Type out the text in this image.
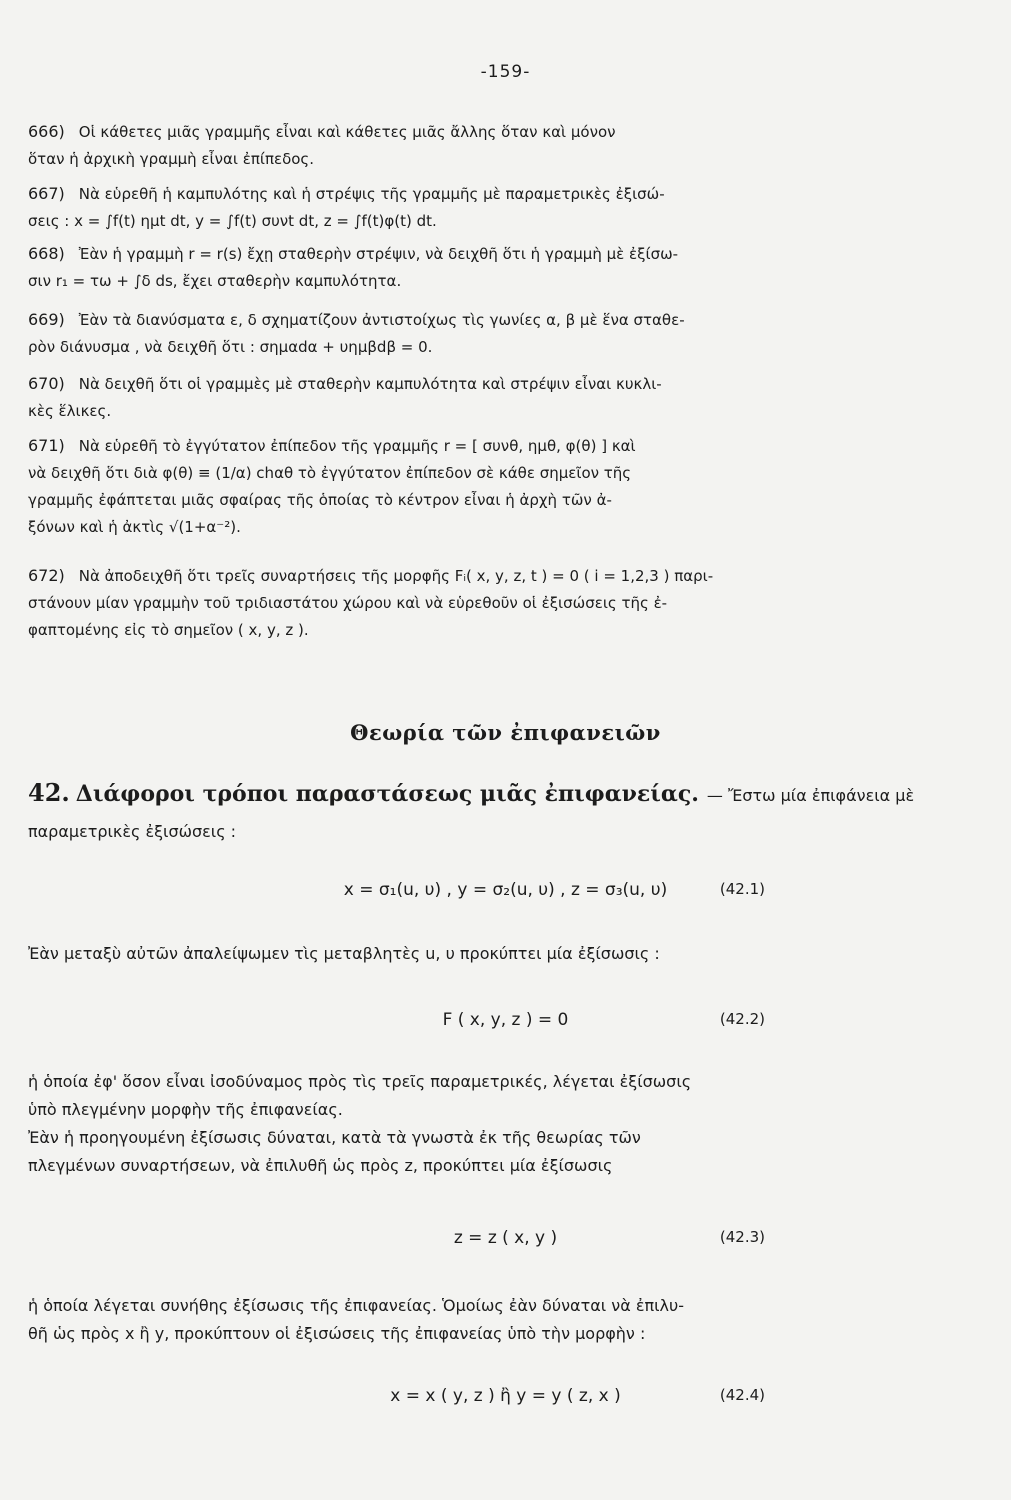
-159-
666) Οἱ κάθετες μιᾶς γραμμῆς εἶναι καὶ κάθετες μιᾶς ἄλλης ὅταν καὶ μόνον
ὅταν ἡ ἀρχικὴ γραμμὴ εἶναι ἐπίπεδος.
667) Νὰ εὑρεθῆ ἡ καμπυλότης καὶ ἡ στρέψις τῆς γραμμῆς μὲ παραμετρικὲς ἐξισώ-
σεις : x = ∫f(t) ημt dt, y = ∫f(t) συνt dt, z = ∫f(t)φ(t) dt.
668) Ἐὰν ἡ γραμμὴ r = r(s) ἔχῃ σταθερὴν στρέψιν, νὰ δειχθῆ ὅτι ἡ γραμμὴ μὲ ἐξίσω-
σιν r₁ = τω + ∫δ ds, ἔχει σταθερὴν καμπυλότητα.
669) Ἐὰν τὰ διανύσματα ε, δ σχηματίζουν ἀντιστοίχως τὶς γωνίες α, β μὲ ἕνα σταθε-
ρὸν διάνυσμα , νὰ δειχθῆ ὅτι : σημαdα + υημβdβ = 0.
670) Νὰ δειχθῆ ὅτι οἱ γραμμὲς μὲ σταθερὴν καμπυλότητα καὶ στρέψιν εἶναι κυκλι-
κὲς ἕλικες.
671) Νὰ εὑρεθῆ τὸ ἐγγύτατον ἐπίπεδον τῆς γραμμῆς r = [ συνθ, ημθ, φ(θ) ] καὶ
νὰ δειχθῆ ὅτι διὰ φ(θ) ≡ (1/α) chαθ τὸ ἐγγύτατον ἐπίπεδον σὲ κάθε σημεῖον τῆς
γραμμῆς ἐφάπτεται μιᾶς σφαίρας τῆς ὁποίας τὸ κέντρον εἶναι ἡ ἀρχὴ τῶν ἀ-
ξόνων καὶ ἡ ἀκτὶς √(1+α⁻²).
672) Νὰ ἀποδειχθῆ ὅτι τρεῖς συναρτήσεις τῆς μορφῆς Fᵢ( x, y, z, t ) = 0 ( i = 1,2,3 ) παρι-
στάνουν μίαν γραμμὴν τοῦ τριδιαστάτου χώρου καὶ νὰ εὑρεθοῦν οἱ ἐξισώσεις τῆς ἐ-
φαπτομένης εἰς τὸ σημεῖον ( x, y, z ).
Θεωρία τῶν ἐπιφανειῶν
42. Διάφοροι τρόποι παραστάσεως μιᾶς ἐπιφανείας. — Ἔστω μία ἐπιφάνεια μὲ
παραμετρικὲς ἐξισώσεις :
x = σ₁(u, υ) , y = σ₂(u, υ) , z = σ₃(u, υ)	(42.1)
Ἐὰν μεταξὺ αὐτῶν ἀπαλείψωμεν τὶς μεταβλητὲς u, υ προκύπτει μία ἐξίσωσις :
F ( x, y, z ) = 0	(42.2)
ἡ ὁποία ἐφ' ὅσον εἶναι ἰσοδύναμος πρὸς τὶς τρεῖς παραμετρικές, λέγεται ἐξίσωσις
ὑπὸ πλεγμένην μορφὴν τῆς ἐπιφανείας.
Ἐὰν ἡ προηγουμένη ἐξίσωσις δύναται, κατὰ τὰ γνωστὰ ἐκ τῆς θεωρίας τῶν
πλεγμένων συναρτήσεων, νὰ ἐπιλυθῆ ὡς πρὸς z, προκύπτει μία ἐξίσωσις
z = z ( x, y )	(42.3)
ἡ ὁποία λέγεται συνήθης ἐξίσωσις τῆς ἐπιφανείας. Ὁμοίως ἐὰν δύναται νὰ ἐπιλυ-
θῆ ὡς πρὸς x ἢ y, προκύπτουν οἱ ἐξισώσεις τῆς ἐπιφανείας ὑπὸ τὴν μορφὴν :
x = x ( y, z ) ἢ y = y ( z, x )	(42.4)
